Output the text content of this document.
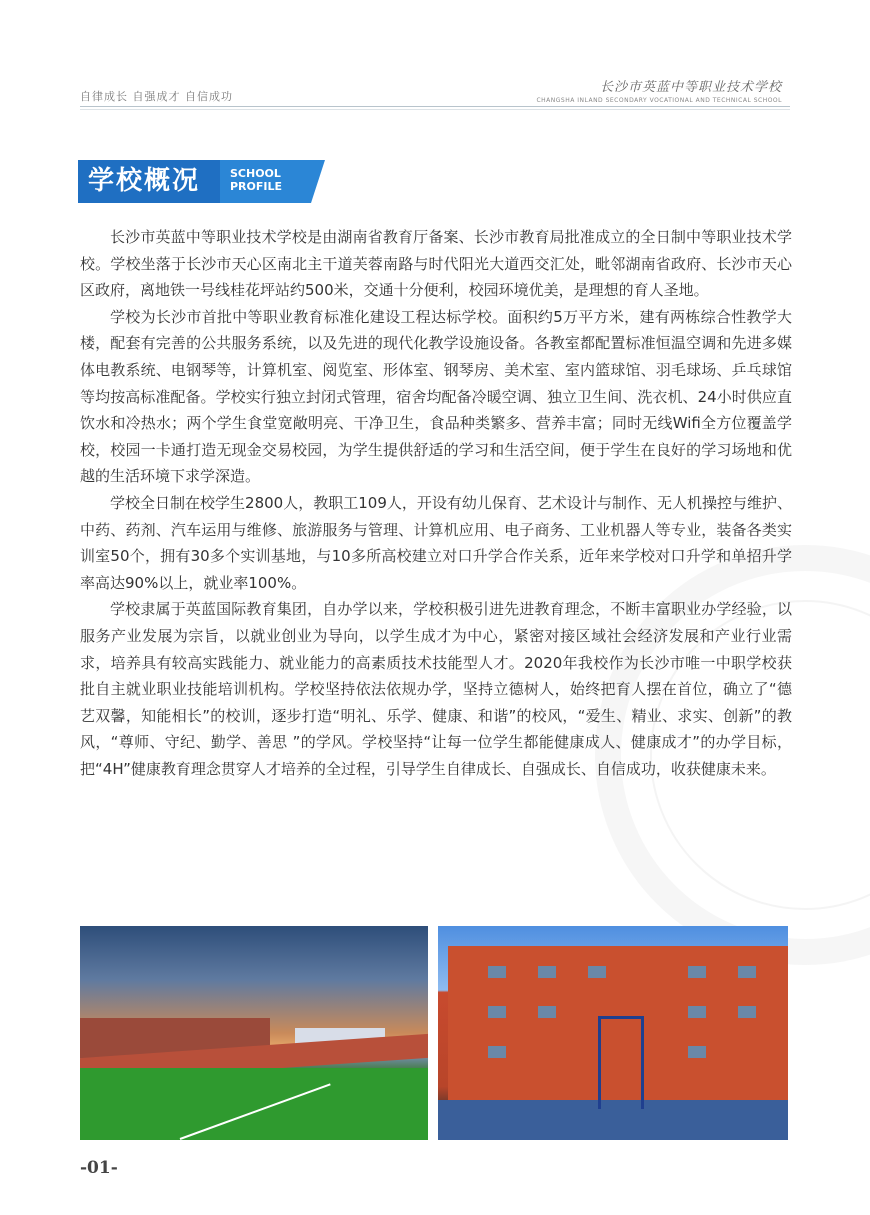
自律成长 自强成才 自信成功
长沙市英蓝中等职业技术学校
CHANGSHA INLAND SECONDARY VOCATIONAL AND TECHNICAL SCHOOL
学校概况	SCHOOL
PROFILE

长沙市英蓝中等职业技术学校是由湖南省教育厅备案、长沙市教育局批准成立的全日制中等职业技术学校。学校坐落于长沙市天心区南北主干道芙蓉南路与时代阳光大道西交汇处，毗邻湖南省政府、长沙市天心区政府，离地铁一号线桂花坪站约500米，交通十分便利，校园环境优美，是理想的育人圣地。

学校为长沙市首批中等职业教育标准化建设工程达标学校。面积约5万平方米，建有两栋综合性教学大楼，配套有完善的公共服务系统，以及先进的现代化教学设施设备。各教室都配置标准恒温空调和先进多媒体电教系统、电钢琴等，计算机室、阅览室、形体室、钢琴房、美术室、室内篮球馆、羽毛球场、乒乓球馆等均按高标准配备。学校实行独立封闭式管理，宿舍均配备冷暖空调、独立卫生间、洗衣机、24小时供应直饮水和冷热水；两个学生食堂宽敞明亮、干净卫生，食品种类繁多、营养丰富；同时无线Wifi全方位覆盖学校，校园一卡通打造无现金交易校园，为学生提供舒适的学习和生活空间，便于学生在良好的学习场地和优越的生活环境下求学深造。

学校全日制在校学生2800人，教职工109人，开设有幼儿保育、艺术设计与制作、无人机操控与维护、中药、药剂、汽车运用与维修、旅游服务与管理、计算机应用、电子商务、工业机器人等专业，装备各类实训室50个，拥有30多个实训基地，与10多所高校建立对口升学合作关系，近年来学校对口升学和单招升学率高达90%以上，就业率100%。

学校隶属于英蓝国际教育集团，自办学以来，学校积极引进先进教育理念，不断丰富职业办学经验，以服务产业发展为宗旨，以就业创业为导向，以学生成才为中心，紧密对接区域社会经济发展和产业行业需求，培养具有较高实践能力、就业能力的高素质技术技能型人才。2020年我校作为长沙市唯一中职学校获批自主就业职业技能培训机构。学校坚持依法依规办学，坚持立德树人，始终把育人摆在首位，确立了“德艺双馨，知能相长”的校训，逐步打造“明礼、乐学、健康、和谐”的校风，“爱生、精业、求实、创新”的教风，“尊师、守纪、勤学、善思 ”的学风。学校坚持“让每一位学生都能健康成人、健康成才”的办学目标，把“4H”健康教育理念贯穿人才培养的全过程，引导学生自律成长、自强成长、自信成功，收获健康未来。

-01-
